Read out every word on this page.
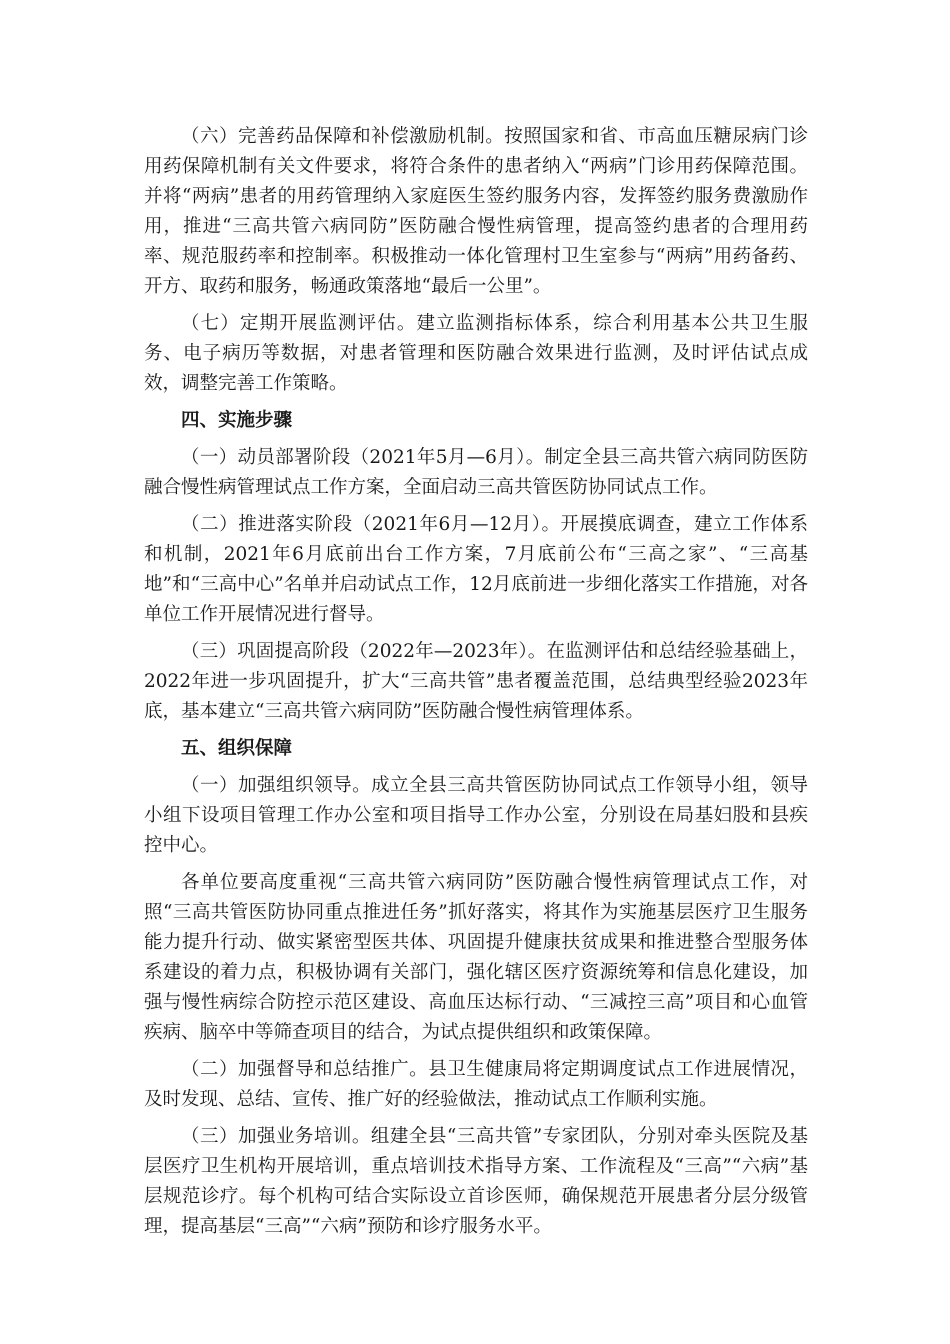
（六）完善药品保障和补偿激励机制。按照国家和省、市高血压糖尿病门诊用药保障机制有关文件要求，将符合条件的患者纳入“两病”门诊用药保障范围。并将“两病”患者的用药管理纳入家庭医生签约服务内容，发挥签约服务费激励作用，推进“三高共管六病同防”医防融合慢性病管理，提高签约患者的合理用药率、规范服药率和控制率。积极推动一体化管理村卫生室参与“两病”用药备药、开方、取药和服务，畅通政策落地“最后一公里”。

（七）定期开展监测评估。建立监测指标体系，综合利用基本公共卫生服务、电子病历等数据，对患者管理和医防融合效果进行监测，及时评估试点成效，调整完善工作策略。

四、实施步骤

（一）动员部署阶段（2021年5月—6月）。制定全县三高共管六病同防医防融合慢性病管理试点工作方案，全面启动三高共管医防协同试点工作。

（二）推进落实阶段（2021年6月—12月）。开展摸底调查，建立工作体系和机制，2021年6月底前出台工作方案，7月底前公布“三高之家”、“三高基地”和“三高中心”名单并启动试点工作，12月底前进一步细化落实工作措施，对各单位工作开展情况进行督导。

（三）巩固提高阶段（2022年—2023年）。在监测评估和总结经验基础上，2022年进一步巩固提升，扩大“三高共管”患者覆盖范围，总结典型经验2023年底，基本建立“三高共管六病同防”医防融合慢性病管理体系。

五、组织保障

（一）加强组织领导。成立全县三高共管医防协同试点工作领导小组，领导小组下设项目管理工作办公室和项目指导工作办公室，分别设在局基妇股和县疾控中心。

各单位要高度重视“三高共管六病同防”医防融合慢性病管理试点工作，对照“三高共管医防协同重点推进任务”抓好落实，将其作为实施基层医疗卫生服务能力提升行动、做实紧密型医共体、巩固提升健康扶贫成果和推进整合型服务体系建设的着力点，积极协调有关部门，强化辖区医疗资源统筹和信息化建设，加强与慢性病综合防控示范区建设、高血压达标行动、“三减控三高”项目和心血管疾病、脑卒中等筛查项目的结合，为试点提供组织和政策保障。

（二）加强督导和总结推广。县卫生健康局将定期调度试点工作进展情况，及时发现、总结、宣传、推广好的经验做法，推动试点工作顺利实施。

（三）加强业务培训。组建全县“三高共管”专家团队，分别对牵头医院及基层医疗卫生机构开展培训，重点培训技术指导方案、工作流程及“三高”“六病”基层规范诊疗。每个机构可结合实际设立首诊医师，确保规范开展患者分层分级管理，提高基层“三高”“六病”预防和诊疗服务水平。
